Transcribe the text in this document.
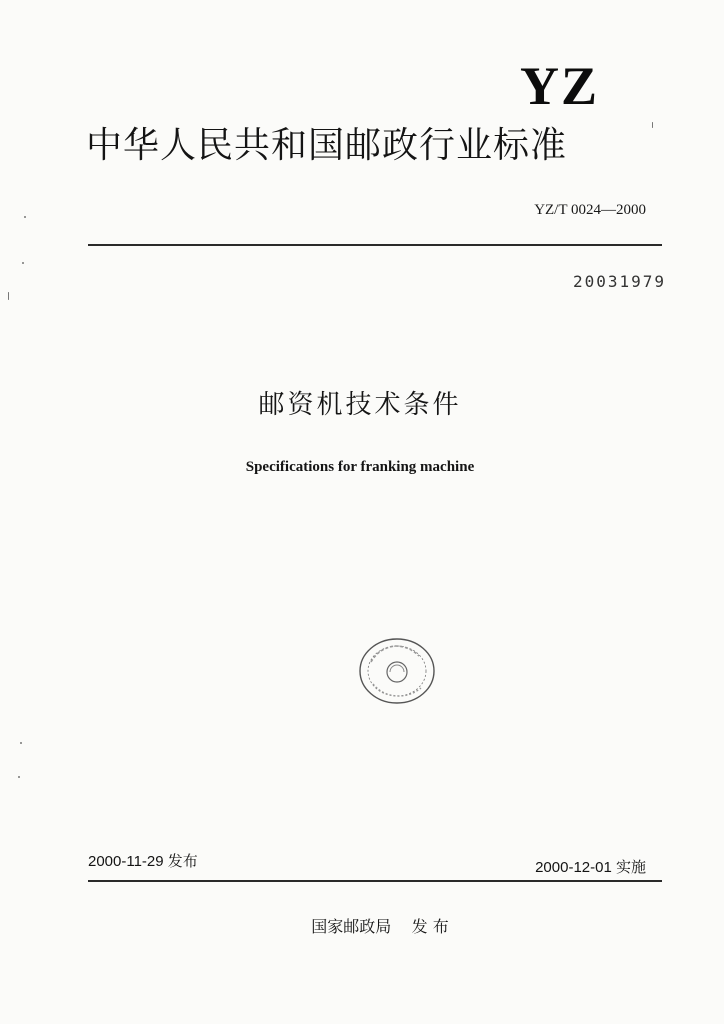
YZ
中华人民共和国邮政行业标准
YZ/T 0024—2000
20031979
邮资机技术条件
Specifications for franking machine
2000-11-29 发布	2000-12-01 实施
国家邮政局    发 布
